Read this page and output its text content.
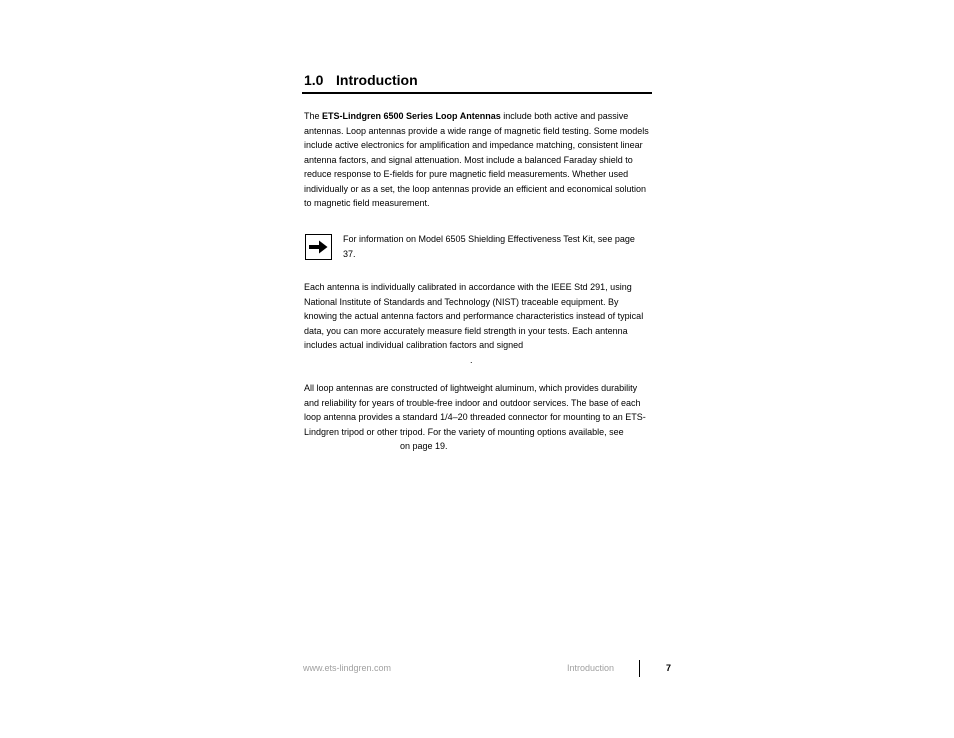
1.0 Introduction

The ETS-Lindgren 6500 Series Loop Antennas include both active and passive antennas. Loop antennas provide a wide range of magnetic field testing. Some models include active electronics for amplification and impedance matching, consistent linear antenna factors, and signal attenuation. Most include a balanced Faraday shield to reduce response to E-fields for pure magnetic field measurements. Whether used individually or as a set, the loop antennas provide an efficient and economical solution to magnetic field measurement.

For information on Model 6505 Shielding Effectiveness Test Kit, see page 37.

Each antenna is individually calibrated in accordance with the IEEE Std 291, using National Institute of Standards and Technology (NIST) traceable equipment. By knowing the actual antenna factors and performance characteristics instead of typical data, you can more accurately measure field strength in your tests. Each antenna includes actual individual calibration factors and signed.

All loop antennas are constructed of lightweight aluminum, which provides durability and reliability for years of trouble-free indoor and outdoor services. The base of each loop antenna provides a standard 1/4–20 threaded connector for mounting to an ETS-Lindgren tripod or other tripod. For the variety of mounting options available, seeon page 19.

www.ets-lindgren.com	Introduction	7
